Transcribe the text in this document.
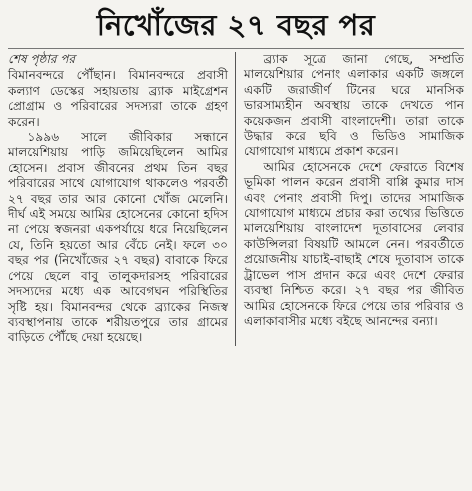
নিখোঁজের ২৭ বছর পর
শেষ পৃষ্ঠার পর

বিমানবন্দরে পৌঁছান। বিমানবন্দরে প্রবাসী কল্যাণ ডেস্কের সহায়তায় ব্র্যাক মাইগ্রেশন প্রোগ্রাম ও পরিবারের সদস্যরা তাকে গ্রহণ করেন।

১৯৯৬ সালে জীবিকার সন্ধানে মালয়েশিয়ায় পাড়ি জমিয়েছিলেন আমির হোসেন। প্রবাস জীবনের প্রথম তিন বছর পরিবারের সাথে যোগাযোগ থাকলেও পরবর্তী ২৭ বছর তার আর কোনো খোঁজ মেলেনি। দীর্ঘ এই সময়ে আমির হোসেনের কোনো হদিস না পেয়ে স্বজনরা একপর্যায়ে ধরে নিয়েছিলেন যে, তিনি হয়তো আর বেঁচে নেই। ফলে ৩০ বছর পর (নিখোঁজের ২৭ বছর) বাবাকে ফিরে পেয়ে ছেলে বাবু তালুকদারসহ পরিবারের সদস্যদের মধ্যে এক আবেগঘন পরিস্থিতির সৃষ্টি হয়। বিমানবন্দর থেকে ব্র্যাকের নিজস্ব ব্যবস্থাপনায় তাকে শরীয়তপুরে তার গ্রামের বাড়িতে পৌঁছে দেয়া হয়েছে।

ব্র্যাক সূত্রে জানা গেছে, সম্প্রতি মালয়েশিয়ার পেনাং এলাকার একটি জঙ্গলে একটি জরাজীর্ণ টিনের ঘরে মানসিক ভারসাম্যহীন অবস্থায় তাকে দেখতে পান কয়েকজন প্রবাসী বাংলাদেশী। তারা তাকে উদ্ধার করে ছবি ও ভিডিও সামাজিক যোগাযোগ মাধ্যমে প্রকাশ করেন।

আমির হোসেনকে দেশে ফেরাতে বিশেষ ভূমিকা পালন করেন প্রবাসী বাপ্পি কুমার দাস এবং পেনাং প্রবাসী দিপু। তাদের সামাজিক যোগাযোগ মাধ্যমে প্রচার করা তথ্যের ভিত্তিতে মালয়েশিয়ায় বাংলাদেশ দূতাবাসের লেবার কাউন্সিলরা বিষয়টি আমলে নেন। পরবর্তীতে প্রয়োজনীয় যাচাই-বাছাই শেষে দূতাবাস তাকে ট্রাভেল পাস প্রদান করে এবং দেশে ফেরার ব্যবস্থা নিশ্চিত করে। ২৭ বছর পর জীবিত আমির হোসেনকে ফিরে পেয়ে তার পরিবার ও এলাকাবাসীর মধ্যে বইছে আনন্দের বন্যা।
